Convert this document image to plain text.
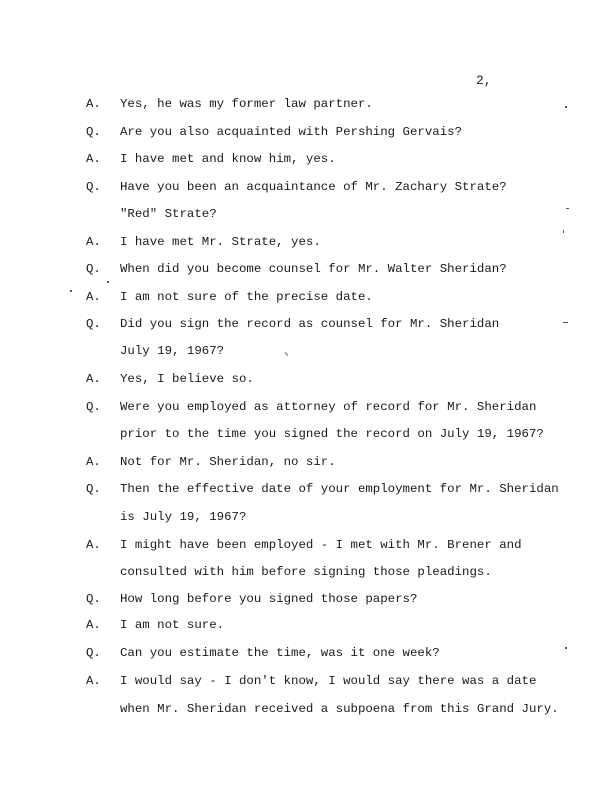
2,
A. Yes, he was my former law partner.
Q. Are you also acquainted with Pershing Gervais?
A. I have met and know him, yes.
Q. Have you been an acquaintance of Mr. Zachary Strate?
"Red" Strate?
A. I have met Mr. Strate, yes.
Q. When did you become counsel for Mr. Walter Sheridan?
A. I am not sure of the precise date.
Q. Did you sign the record as counsel for Mr. Sheridan
July 19, 1967?
A. Yes, I believe so.
Q. Were you employed as attorney of record for Mr. Sheridan
prior to the time you signed the record on July 19, 1967?
A. Not for Mr. Sheridan, no sir.
Q. Then the effective date of your employment for Mr. Sheridan
is July 19, 1967?
A. I might have been employed - I met with Mr. Brener and
consulted with him before signing those pleadings.
Q. How long before you signed those papers?
A. I am not sure.
Q. Can you estimate the time, was it one week?
A. I would say - I don't know, I would say there was a date
when Mr. Sheridan received a subpoena from this Grand Jury.
